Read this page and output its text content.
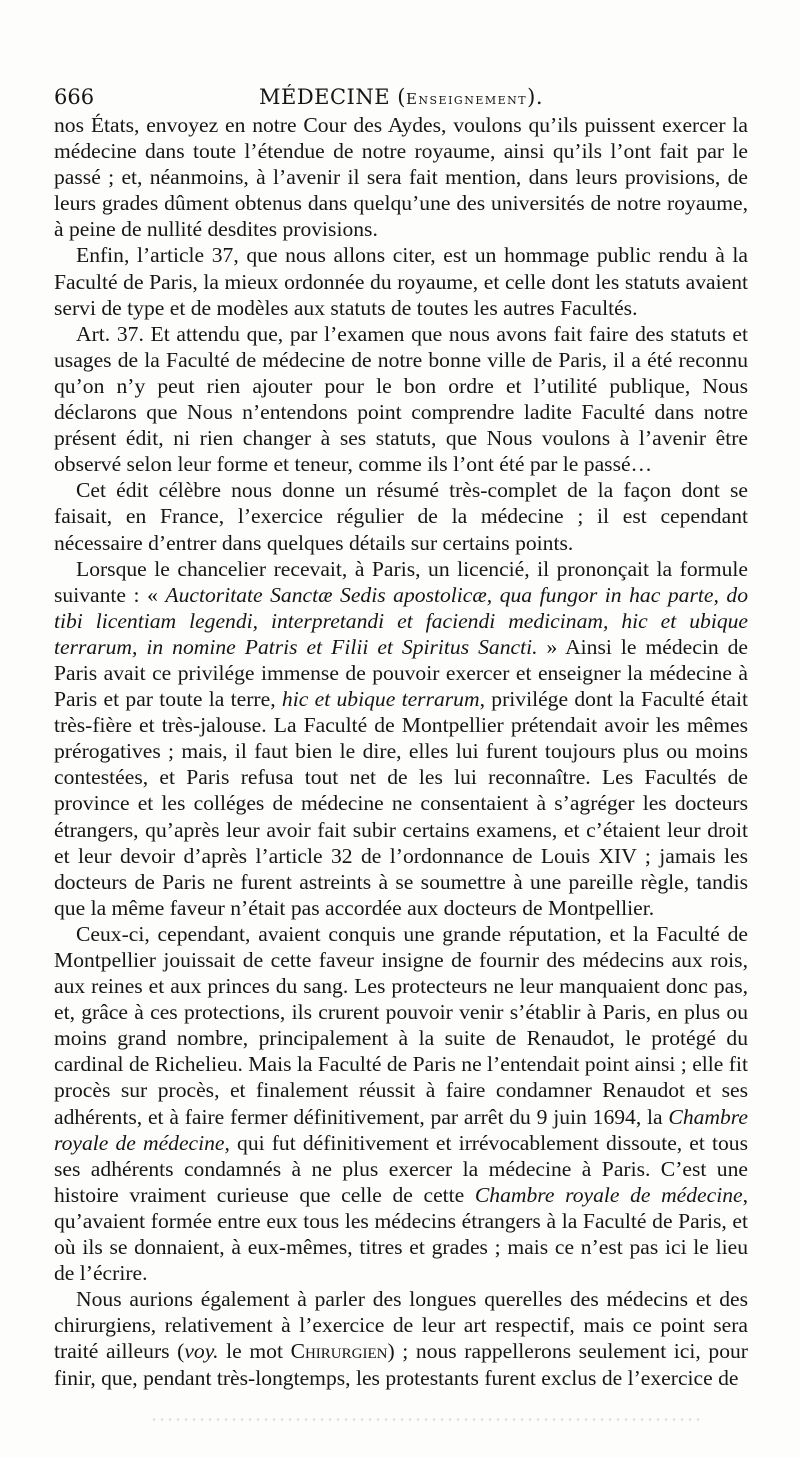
666	MÉDECINE (Enseignement).

nos États, envoyez en notre Cour des Aydes, voulons qu’ils puissent exercer la médecine dans toute l’étendue de notre royaume, ainsi qu’ils l’ont fait par le passé ; et, néanmoins, à l’avenir il sera fait mention, dans leurs provisions, de leurs grades dûment obtenus dans quelqu’une des universités de notre royaume, à peine de nullité desdites provisions.

Enfin, l’article 37, que nous allons citer, est un hommage public rendu à la Faculté de Paris, la mieux ordonnée du royaume, et celle dont les statuts avaient servi de type et de modèles aux statuts de toutes les autres Facultés.

Art. 37. Et attendu que, par l’examen que nous avons fait faire des statuts et usages de la Faculté de médecine de notre bonne ville de Paris, il a été reconnu qu’on n’y peut rien ajouter pour le bon ordre et l’utilité publique, Nous déclarons que Nous n’entendons point comprendre ladite Faculté dans notre présent édit, ni rien changer à ses statuts, que Nous voulons à l’avenir être observé selon leur forme et teneur, comme ils l’ont été par le passé…

Cet édit célèbre nous donne un résumé très-complet de la façon dont se faisait, en France, l’exercice régulier de la médecine ; il est cependant nécessaire d’entrer dans quelques détails sur certains points.

Lorsque le chancelier recevait, à Paris, un licencié, il prononçait la formule suivante : « Auctoritate Sanctæ Sedis apostolicæ, qua fungor in hac parte, do tibi licentiam legendi, interpretandi et faciendi medicinam, hic et ubique terrarum, in nomine Patris et Filii et Spiritus Sancti. » Ainsi le médecin de Paris avait ce privilége immense de pouvoir exercer et enseigner la médecine à Paris et par toute la terre, hic et ubique terrarum, privilége dont la Faculté était très-fière et très-jalouse. La Faculté de Montpellier prétendait avoir les mêmes prérogatives ; mais, il faut bien le dire, elles lui furent toujours plus ou moins contestées, et Paris refusa tout net de les lui reconnaître. Les Facultés de province et les colléges de médecine ne consentaient à s’agréger les docteurs étrangers, qu’après leur avoir fait subir certains examens, et c’étaient leur droit et leur devoir d’après l’article 32 de l’ordonnance de Louis XIV ; jamais les docteurs de Paris ne furent astreints à se soumettre à une pareille règle, tandis que la même faveur n’était pas accordée aux docteurs de Montpellier.

Ceux-ci, cependant, avaient conquis une grande réputation, et la Faculté de Montpellier jouissait de cette faveur insigne de fournir des médecins aux rois, aux reines et aux princes du sang. Les protecteurs ne leur manquaient donc pas, et, grâce à ces protections, ils crurent pouvoir venir s’établir à Paris, en plus ou moins grand nombre, principalement à la suite de Renaudot, le protégé du cardinal de Richelieu. Mais la Faculté de Paris ne l’entendait point ainsi ; elle fit procès sur procès, et finalement réussit à faire condamner Renaudot et ses adhérents, et à faire fermer définitivement, par arrêt du 9 juin 1694, la Chambre royale de médecine, qui fut définitivement et irrévocablement dissoute, et tous ses adhérents condamnés à ne plus exercer la médecine à Paris. C’est une histoire vraiment curieuse que celle de cette Chambre royale de médecine, qu’avaient formée entre eux tous les médecins étrangers à la Faculté de Paris, et où ils se donnaient, à eux-mêmes, titres et grades ; mais ce n’est pas ici le lieu de l’écrire.

Nous aurions également à parler des longues querelles des médecins et des chirurgiens, relativement à l’exercice de leur art respectif, mais ce point sera traité ailleurs (voy. le mot Chirurgien) ; nous rappellerons seulement ici, pour finir, que, pendant très-longtemps, les protestants furent exclus de l’exercice de
